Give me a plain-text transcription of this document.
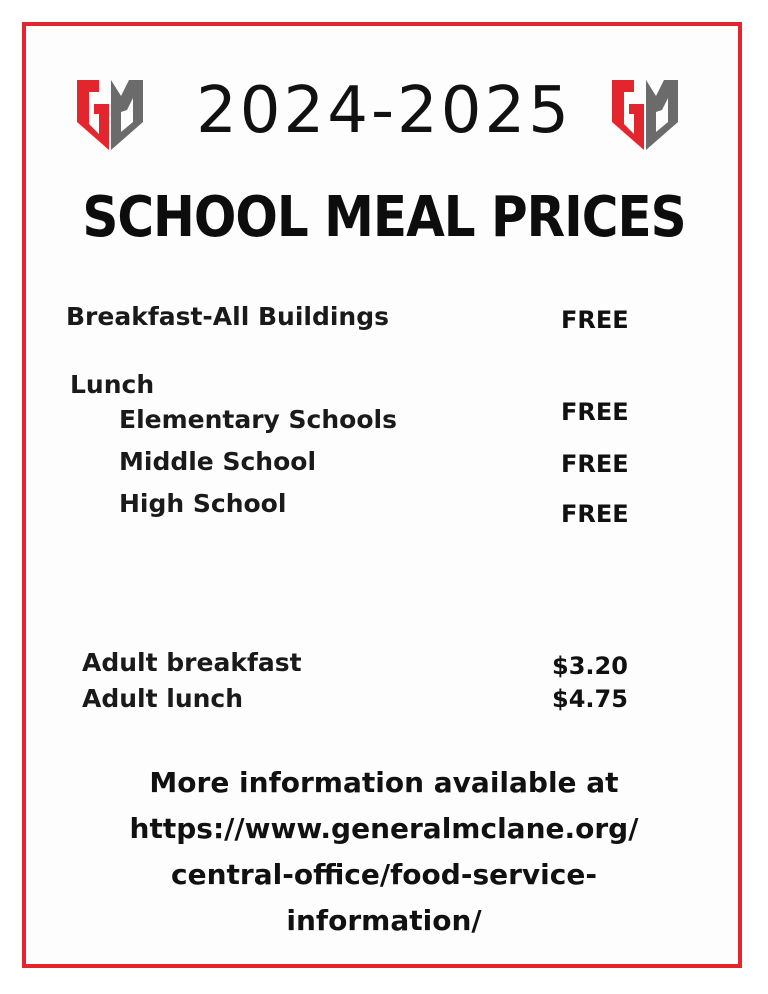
2024-2025
SCHOOL MEAL PRICES
Breakfast-All Buildings	FREE
Lunch
Elementary Schools	FREE
Middle School	FREE
High School	FREE
Adult breakfast	$3.20
Adult lunch	$4.75
More information available at
https://www.generalmclane.org/
central-office/food-service-
information/
